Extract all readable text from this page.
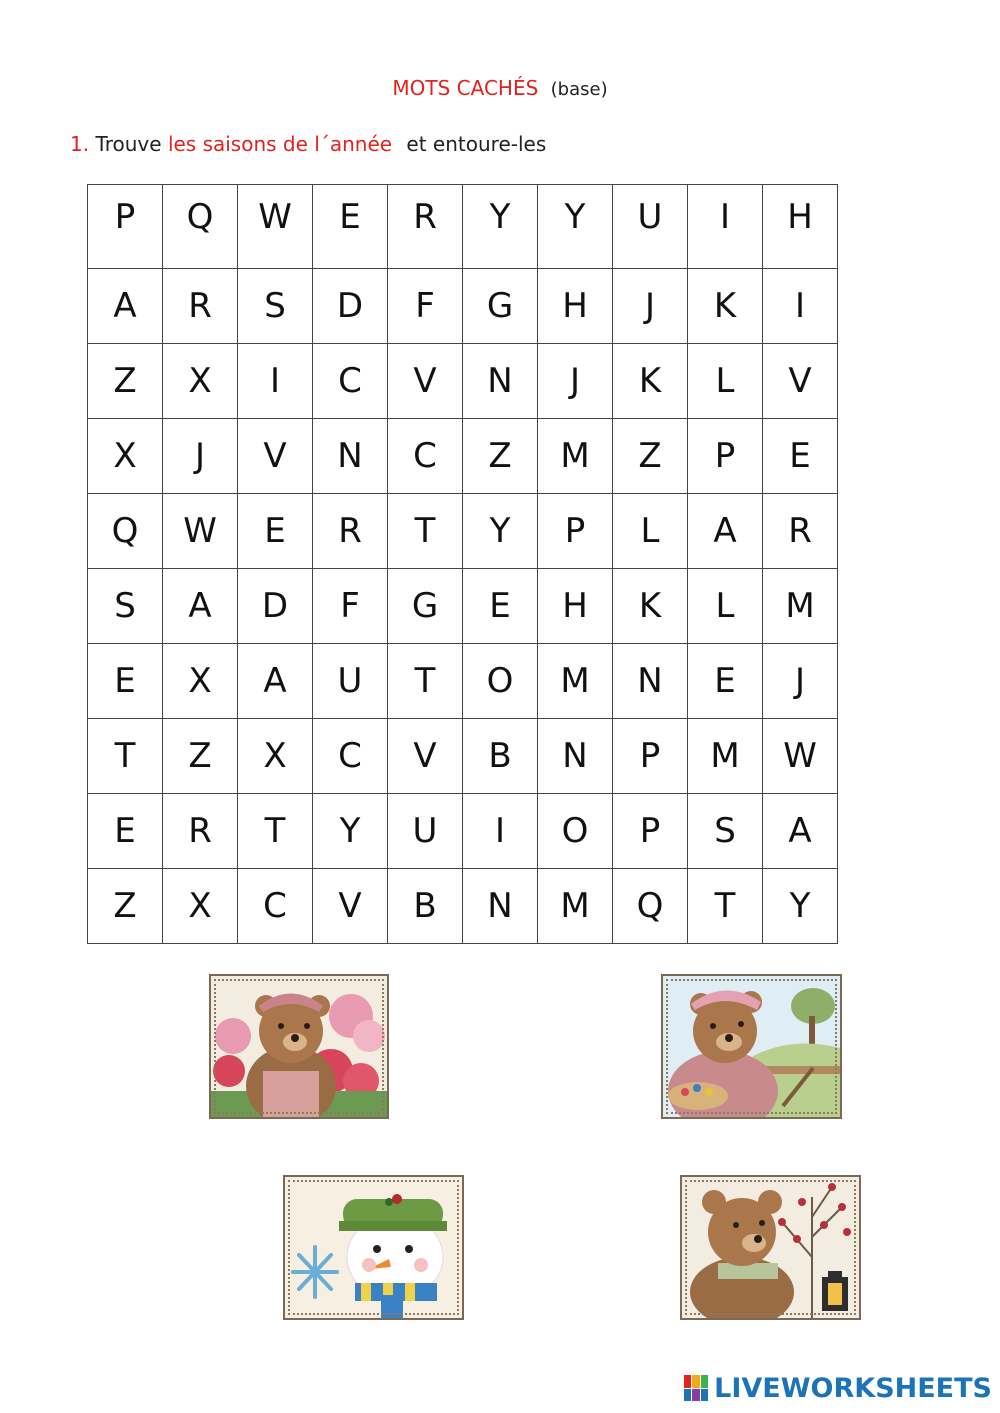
MOTS CACHÉS (base)
1. Trouve les saisons de l´année et entoure-les
P	Q	W	E	R	Y	Y	U	I	H
A	R	S	D	F	G	H	J	K	I
Z	X	I	C	V	N	J	K	L	V
X	J	V	N	C	Z	M	Z	P	E
Q	W	E	R	T	Y	P	L	A	R
S	A	D	F	G	E	H	K	L	M
E	X	A	U	T	O	M	N	E	J
T	Z	X	C	V	B	N	P	M	W
E	R	T	Y	U	I	O	P	S	A
Z	X	C	V	B	N	M	Q	T	Y
LIVEWORKSHEETS
